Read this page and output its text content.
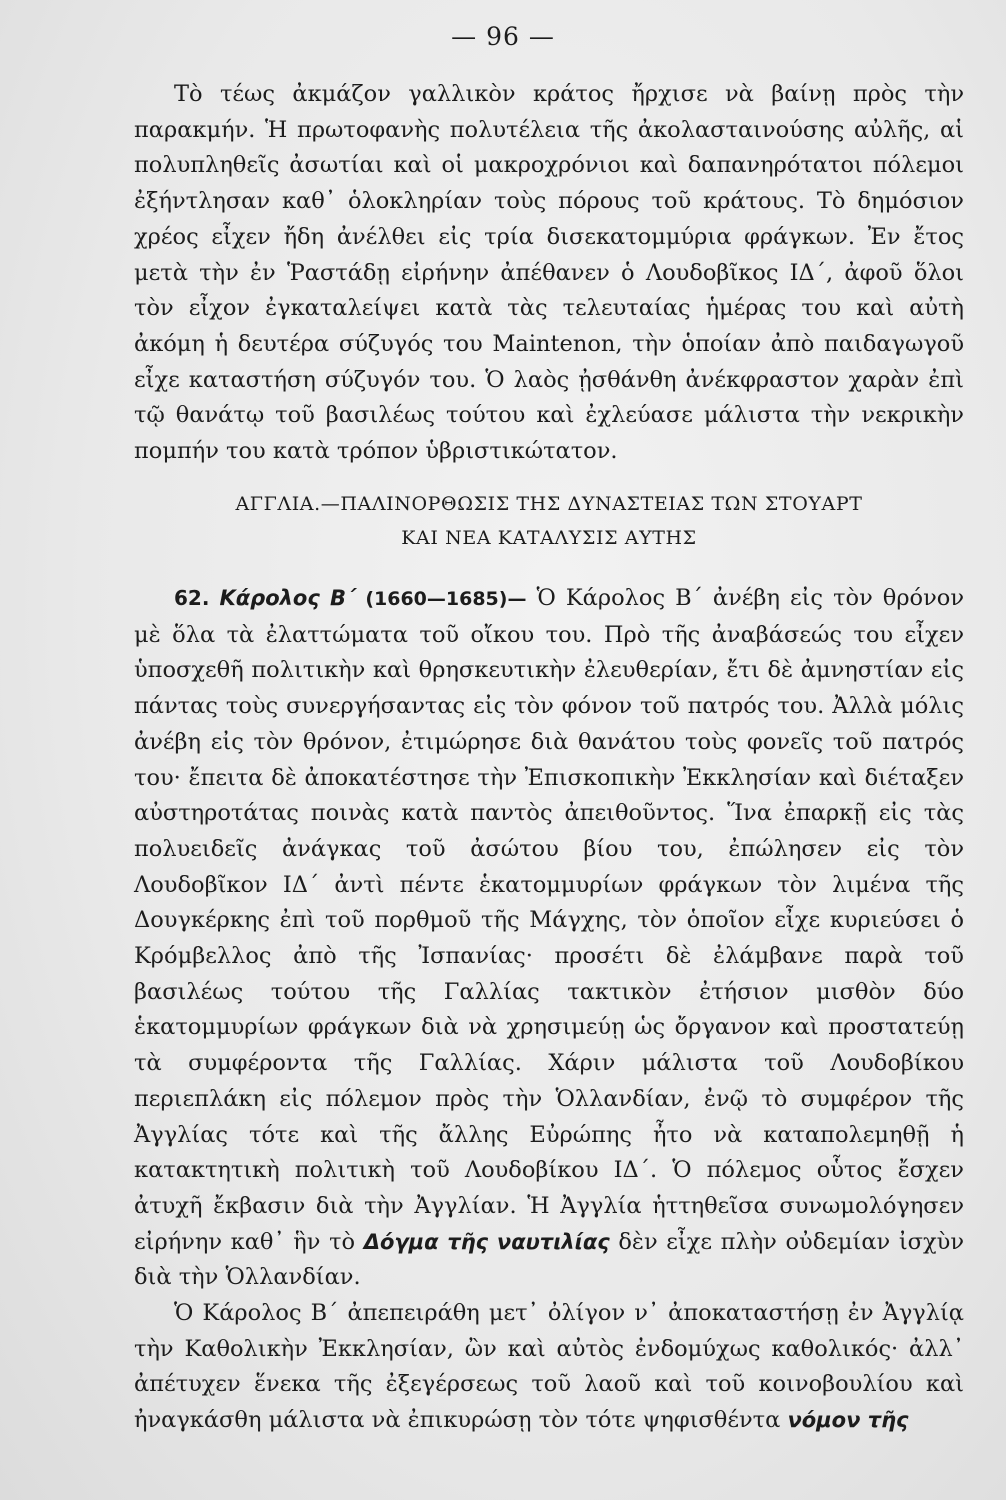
— 96 —

Τὸ τέως ἀκμάζον γαλλικὸν κράτος ἤρχισε νὰ βαίνῃ πρὸς τὴν παρακμήν. Ἡ πρωτοφανὴς πολυτέλεια τῆς ἀκολασταινούσης αὐλῆς, αἱ πολυπληθεῖς ἀσωτίαι καὶ οἱ μακροχρόνιοι καὶ δαπανηρότατοι πόλεμοι ἐξήντλησαν καθ᾽ ὁλοκληρίαν τοὺς πόρους τοῦ κράτους. Τὸ δημόσιον χρέος εἶχεν ἤδη ἀνέλθει εἰς τρία δισεκατομμύρια φράγκων. Ἐν ἔτος μετὰ τὴν ἐν Ῥαστάδῃ εἰρήνην ἀπέθανεν ὁ Λουδοβῖκος ΙΔ΄, ἀφοῦ ὅλοι τὸν εἶχον ἐγκαταλείψει κατὰ τὰς τελευταίας ἡμέρας του καὶ αὐτὴ ἀκόμη ἡ δευτέρα σύζυγός του Maintenon, τὴν ὁποίαν ἀπὸ παιδαγωγοῦ εἶχε καταστήση σύζυγόν του. Ὁ λαὸς ᾐσθάνθη ἀνέκφραστον χαρὰν ἐπὶ τῷ θανάτῳ τοῦ βασιλέως τούτου καὶ ἐχλεύασε μάλιστα τὴν νεκρικὴν πομπήν του κατὰ τρόπον ὑβριστικώτατον.

ΑΓΓΛΙΑ.—ΠΑΛΙΝΟΡΘΩΣΙΣ ΤΗΣ ΔΥΝΑΣΤΕΙΑΣ ΤΩΝ ΣΤΟΥΑΡΤ
ΚΑΙ ΝΕΑ ΚΑΤΑΛΥΣΙΣ ΑΥΤΗΣ

62. Κάρολος Β΄ (1660—1685)— Ὁ Κάρολος Β΄ ἀνέβη εἰς τὸν θρόνον μὲ ὅλα τὰ ἐλαττώματα τοῦ οἴκου του. Πρὸ τῆς ἀναβάσεώς του εἶχεν ὑποσχεθῆ πολιτικὴν καὶ θρησκευτικὴν ἐλευθερίαν, ἔτι δὲ ἀμνηστίαν εἰς πάντας τοὺς συνεργήσαντας εἰς τὸν φόνον τοῦ πατρός του. Ἀλλὰ μόλις ἀνέβη εἰς τὸν θρόνον, ἐτιμώρησε διὰ θανάτου τοὺς φονεῖς τοῦ πατρός του· ἔπειτα δὲ ἀποκατέστησε τὴν Ἐπισκοπικὴν Ἐκκλησίαν καὶ διέταξεν αὐστηροτάτας ποινὰς κατὰ παντὸς ἀπειθοῦντος. Ἵνα ἐπαρκῇ εἰς τὰς πολυειδεῖς ἀνάγκας τοῦ ἀσώτου βίου του, ἐπώλησεν εἰς τὸν Λουδοβῖκον ΙΔ΄ ἀντὶ πέντε ἑκατομμυρίων φράγκων τὸν λιμένα τῆς Δουγκέρκης ἐπὶ τοῦ πορθμοῦ τῆς Μάγχης, τὸν ὁποῖον εἶχε κυριεύσει ὁ Κρόμβελλος ἀπὸ τῆς Ἰσπανίας· προσέτι δὲ ἐλάμβανε παρὰ τοῦ βασιλέως τούτου τῆς Γαλλίας τακτικὸν ἐτήσιον μισθὸν δύο ἑκατομμυρίων φράγκων διὰ νὰ χρησιμεύῃ ὡς ὄργανον καὶ προστατεύῃ τὰ συμφέροντα τῆς Γαλλίας. Χάριν μάλιστα τοῦ Λουδοβίκου περιεπλάκη εἰς πόλεμον πρὸς τὴν Ὁλλανδίαν, ἐνῷ τὸ συμφέρον τῆς Ἀγγλίας τότε καὶ τῆς ἄλλης Εὐρώπης ἦτο νὰ καταπολεμηθῇ ἡ κατακτητικὴ πολιτικὴ τοῦ Λουδοβίκου ΙΔ΄. Ὁ πόλεμος οὗτος ἔσχεν ἀτυχῆ ἔκβασιν διὰ τὴν Ἀγγλίαν. Ἡ Ἀγγλία ἡττηθεῖσα συνωμολόγησεν εἰρήνην καθ᾽ ἣν τὸ Δόγμα τῆς ναυτιλίας δὲν εἶχε πλὴν οὐδεμίαν ἰσχὺν διὰ τὴν Ὁλλανδίαν.

Ὁ Κάρολος Β΄ ἀπεπειράθη μετ᾽ ὀλίγον ν᾽ ἀποκαταστήσῃ ἐν Ἀγγλίᾳ τὴν Καθολικὴν Ἐκκλησίαν, ὢν καὶ αὐτὸς ἐνδομύχως καθολικός· ἀλλ᾽ ἀπέτυχεν ἕνεκα τῆς ἐξεγέρσεως τοῦ λαοῦ καὶ τοῦ κοινοβουλίου καὶ ἠναγκάσθη μάλιστα νὰ ἐπικυρώσῃ τὸν τότε ψηφισθέντα νόμον τῆς
